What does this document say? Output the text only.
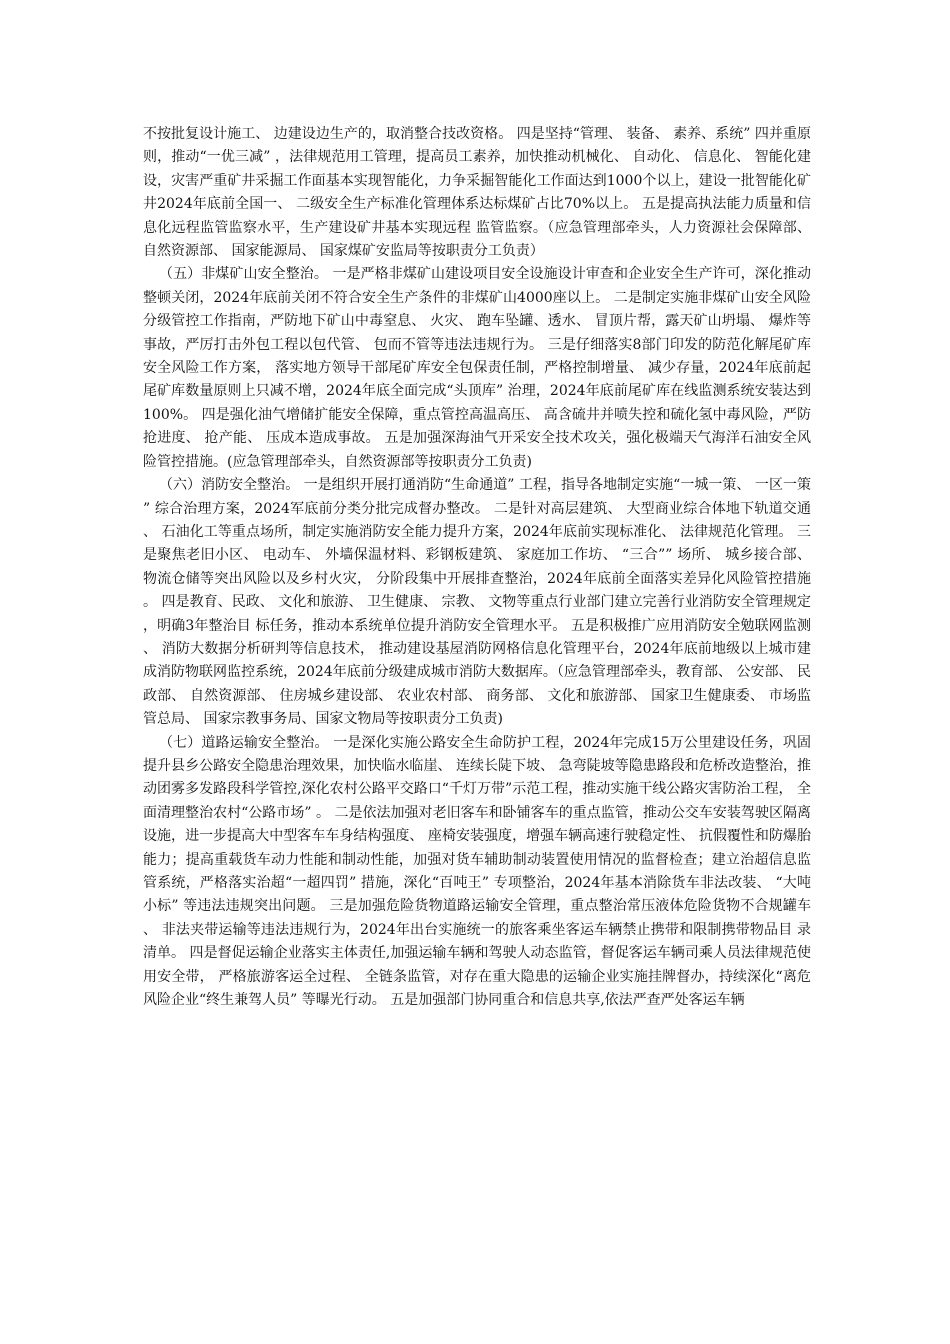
不按批复设计施工、 边建设边生产的，取消整合技改资格。 四是坚持“管理、 装备、 素养、系统” 四并重原则，推动“一优三减” ，法律规范用工管理，提高员工素养，加快推动机械化、 自动化、 信息化、 智能化建设，灾害严重矿井采掘工作面基本实现智能化，力争采掘智能化工作面达到1000个以上，建设一批智能化矿井2024年底前全国一、 二级安全生产标准化管理体系达标煤矿占比70%以上。 五是提高执法能力质量和信息化远程监管监察水平，生产建设矿井基本实现远程 监管监察。（应急管理部牵头，人力资源社会保障部、 自然资源部、 国家能源局、 国家煤矿安监局等按职责分工负责）

（五）非煤矿山安全整治。 一是严格非煤矿山建设项目安全设施设计审查和企业安全生产许可，深化推动整顿关闭，2024年底前关闭不符合安全生产条件的非煤矿山4000座以上。 二是制定实施非煤矿山安全风险分级管控工作指南，严防地下矿山中毒窒息、 火灾、 跑车坠罐、透水、 冒顶片帮，露天矿山坍塌、 爆炸等事故，严厉打击外包工程以包代管、 包而不管等违法违规行为。 三是仔细落实8部门印发的防范化解尾矿库安全风险工作方案， 落实地方领导干部尾矿库安全包保责任制，严格控制增量、 减少存量，2024年底前起尾矿库数量原则上只减不增，2024年底全面完成“头顶库” 治理，2024年底前尾矿库在线监测系统安装达到100%。 四是强化油气增储扩能安全保障，重点管控高温高压、 高含硫井并喷失控和硫化氢中毒风险，严防抢进度、 抢产能、 压成本造成事故。 五是加强深海油气开采安全技术攻关，强化极端天气海洋石油安全风险管控措施。(应急管理部牵头，自然资源部等按职责分工负责)

（六）消防安全整治。 一是组织开展打通消防“生命通道” 工程，指导各地制定实施“一城一策、 一区一策” 综合治理方案，2024军底前分类分批完成督办整改。 二是针对高层建筑、 大型商业综合体地下轨道交通、 石油化工等重点场所，制定实施消防安全能力提升方案，2024年底前实现标准化、 法律规范化管理。 三是聚焦老旧小区、 电动车、 外墙保温材料、彩钢板建筑、 家庭加工作坊、 “三合”” 场所、 城乡接合部、 物流仓储等突出风险以及乡村火灾， 分阶段集中开展排查整治，2024年底前全面落实差异化风险管控措施。 四是教育、民政、 文化和旅游、 卫生健康、 宗教、 文物等重点行业部门建立完善行业消防安全管理规定，明确3年整治目 标任务，推动本系统单位提升消防安全管理水平。 五是积极推广应用消防安全勉联网监测、 消防大数据分析研判等信息技术， 推动建设基屋消防网格信息化管理平台，2024年底前地级以上城市建成消防物联网监控系统，2024年底前分级建成城市消防大数据库。（应急管理部牵头，教育部、 公安部、 民政部、 自然资源部、 住房城乡建设部、 农业农村部、 商务部、 文化和旅游部、 国家卫生健康委、 市场监管总局、 国家宗教事务局、国家文物局等按职责分工负责)

（七）道路运输安全整治。 一是深化实施公路安全生命防护工程，2024年完成15万公里建设任务，巩固提升县乡公路安全隐患治理效果，加快临水临崖、 连续长陡下坡、 急弯陡坡等隐患路段和危桥改造整治，推动团雾多发路段科学管控,深化农村公路平交路口“千灯万带”示范工程，推动实施干线公路灾害防治工程， 全面清理整治农村“公路市场” 。 二是依法加强对老旧客车和卧铺客车的重点监管，推动公交车安装驾驶区隔离设施，进一步提高大中型客车车身结构强度、 座椅安装强度，增强车辆高速行驶稳定性、 抗假覆性和防爆胎能力；提高重载货车动力性能和制动性能，加强对货车辅助制动装置使用情况的监督检查；建立治超信息监管系统，严格落实治超“一超四罚” 措施，深化“百吨王” 专项整治，2024年基本消除货车非法改装、 “大吨小标” 等违法违规突出问题。 三是加强危险货物道路运输安全管理，重点整治常压液体危险货物不合规罐车、 非法夹带运输等违法违规行为，2024年出台实施统一的旅客乘坐客运车辆禁止携带和限制携带物品目 录清单。 四是督促运输企业落实主体责任,加强运输车辆和驾驶人动态监管，督促客运车辆司乘人员法律规范使用安全带， 严格旅游客运全过程、 全链条监管，对存在重大隐患的运输企业实施挂牌督办，持续深化“离危风险企业“终生兼驾人员” 等曝光行动。 五是加强部门协同重合和信息共享,依法严查严处客运车辆
